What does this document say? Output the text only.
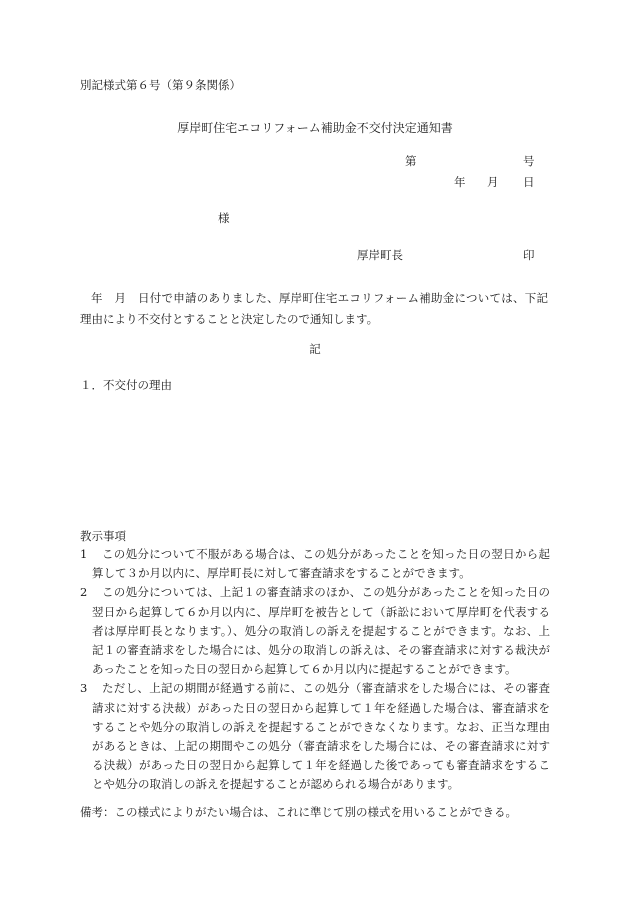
別記様式第６号（第９条関係）
厚岸町住宅エコリフォーム補助金不交付決定通知書
第	号
年 月 日
様
厚岸町長	印
年　月　日付で申請のありました、厚岸町住宅エコリフォーム補助金については、下記理由により不交付とすることと決定したので通知します。
記
１．不交付の理由
教示事項
1	この処分について不服がある場合は、この処分があったことを知った日の翌日から起算して３か月以内に、厚岸町長に対して審査請求をすることができます。
2	この処分については、上記１の審査請求のほか、この処分があったことを知った日の翌日から起算して６か月以内に、厚岸町を被告として（訴訟において厚岸町を代表する者は厚岸町長となります。）、処分の取消しの訴えを提起することができます。なお、上記１の審査請求をした場合には、処分の取消しの訴えは、その審査請求に対する裁決があったことを知った日の翌日から起算して６か月以内に提起することができます。
3	ただし、上記の期間が経過する前に、この処分（審査請求をした場合には、その審査請求に対する決裁）があった日の翌日から起算して１年を経過した場合は、審査請求をすることや処分の取消しの訴えを提起することができなくなります。なお、正当な理由があるときは、上記の期間やこの処分（審査請求をした場合には、その審査請求に対する決裁）があった日の翌日から起算して１年を経過した後であっても審査請求をすることや処分の取消しの訴えを提起することが認められる場合があります。
備考：この様式によりがたい場合は、これに準じて別の様式を用いることができる。
